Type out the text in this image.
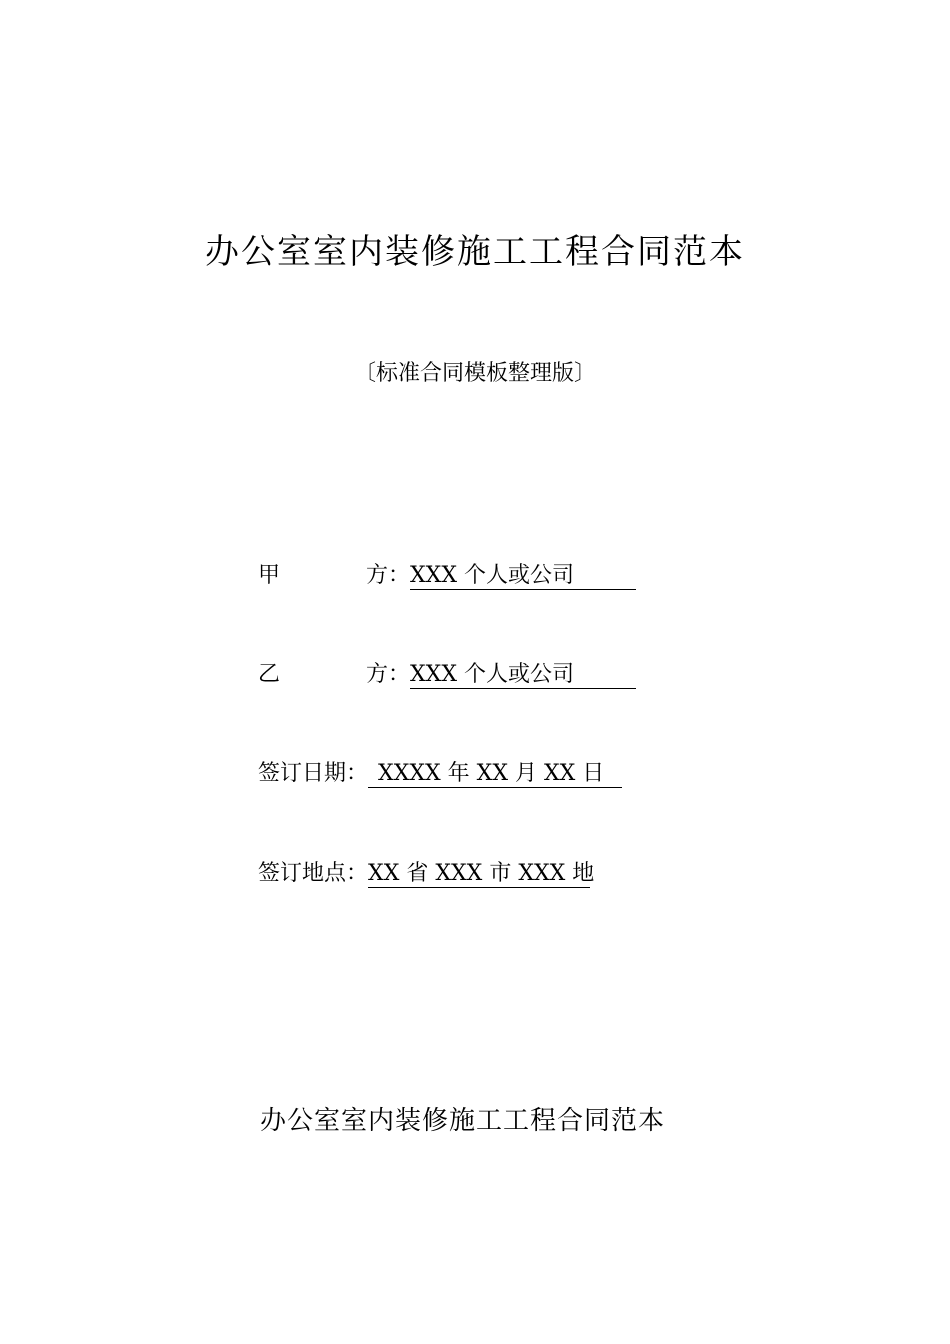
办公室室内装修施工工程合同范本
〔标准合同模板整理版〕
甲	方 ： XXX 个人或公司
乙	方 ： XXX 个人或公司
签订日期 ： XXXX 年 XX 月 XX 日
签订地点 ： XX 省 XXX 市 XXX 地
办公室室内装修施工工程合同范本
